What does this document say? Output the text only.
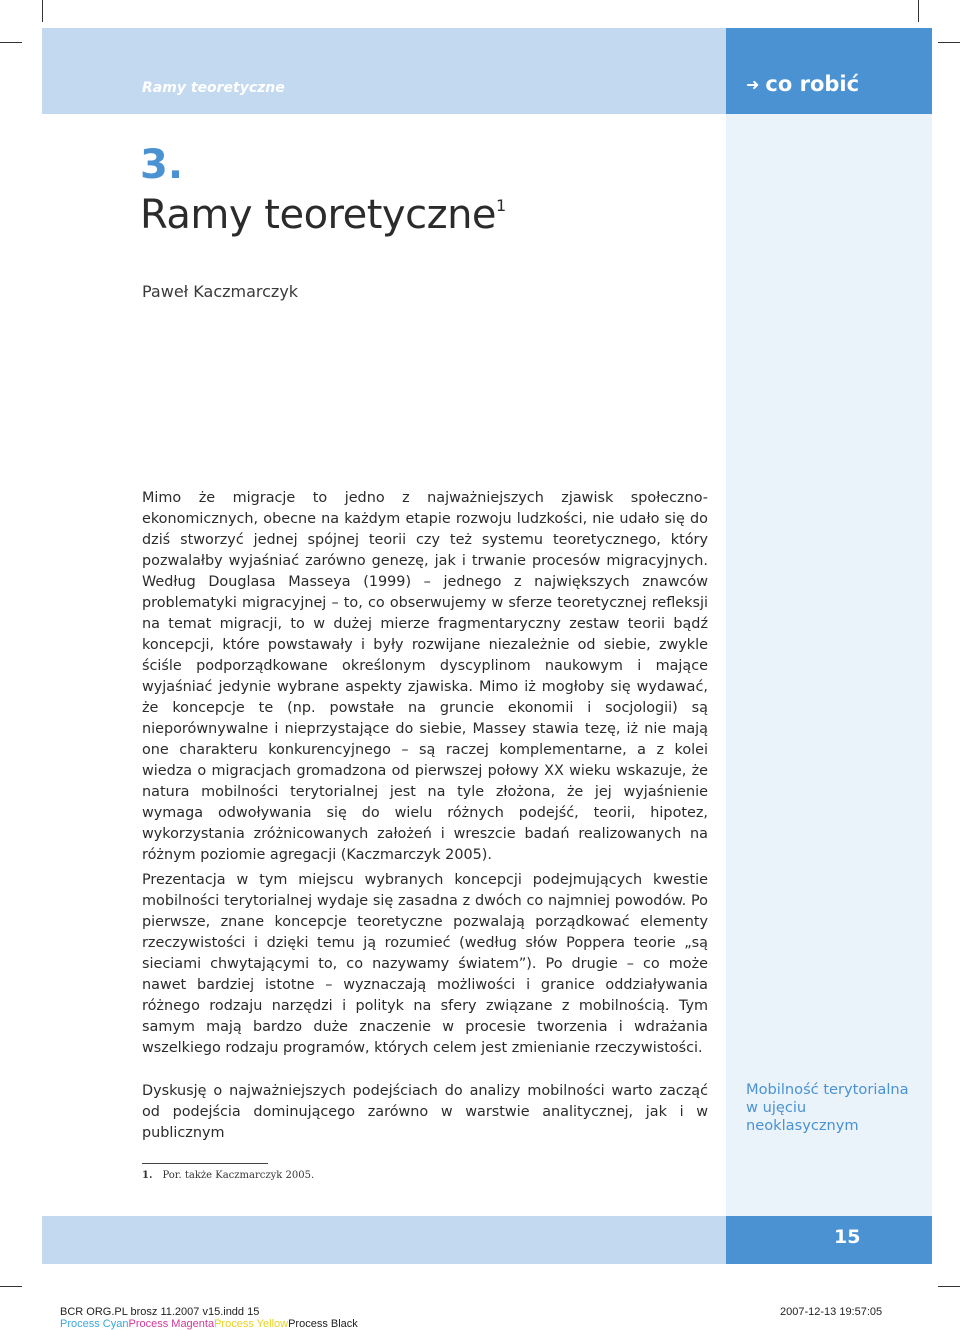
Ramy teoretyczne	➜ co robić
3.
Ramy teoretyczne$^1$
Paweł Kaczmarczyk

Mimo że migracje to jedno z najważniejszych zjawisk społeczno-ekonomicznych, obecne na każdym etapie rozwoju ludzkości, nie udało się do dziś stworzyć jednej spójnej teorii czy też systemu teoretycznego, który pozwalałby wyjaśniać zarówno genezę, jak i trwanie procesów migracyjnych. Według Douglasa Masseya (1999) – jednego z największych znawców problematyki migracyjnej – to, co obserwujemy w sferze teoretycznej refleksji na temat migracji, to w dużej mierze fragmentaryczny zestaw teorii bądź koncepcji, które powstawały i były rozwijane niezależnie od siebie, zwykle ściśle podporządkowane określonym dyscyplinom naukowym i mające wyjaśniać jedynie wybrane aspekty zjawiska. Mimo iż mogłoby się wydawać, że koncepcje te (np. powstałe na gruncie ekonomii i socjologii) są nieporównywalne i nieprzystające do siebie, Massey stawia tezę, iż nie mają one charakteru konkurencyjnego – są raczej komplementarne, a z kolei wiedza o migracjach gromadzona od pierwszej połowy XX wieku wskazuje, że natura mobilności terytorialnej jest na tyle złożona, że jej wyjaśnienie wymaga odwoływania się do wielu różnych podejść, teorii, hipotez, wykorzystania zróżnicowanych założeń i wreszcie badań realizowanych na różnym poziomie agregacji (Kaczmarczyk 2005).

Prezentacja w tym miejscu wybranych koncepcji podejmujących kwestie mobilności terytorialnej wydaje się zasadna z dwóch co najmniej powodów. Po pierwsze, znane koncepcje teoretyczne pozwalają porządkować elementy rzeczywistości i dzięki temu ją rozumieć (według słów Poppera teorie „są sieciami chwytającymi to, co nazywamy światem”). Po drugie – co może nawet bardziej istotne – wyznaczają możliwości i granice oddziaływania różnego rodzaju narzędzi i polityk na sfery związane z mobilnością. Tym samym mają bardzo duże znaczenie w procesie tworzenia i wdrażania wszelkiego rodzaju programów, których celem jest zmienianie rzeczywistości.

Dyskusję o najważniejszych podejściach do analizy mobilności warto zacząć od podejścia dominującego zarówno w warstwie analitycznej, jak i w publicznym

Mobilność terytorialna w ujęciu neoklasycznym
1. Por. także Kaczmarczyk 2005.
15
BCR ORG.PL brosz 11.2007 v15.indd 15	2007-12-13 19:57:05
Process Cyan Process Magenta Process Yellow Process Black
